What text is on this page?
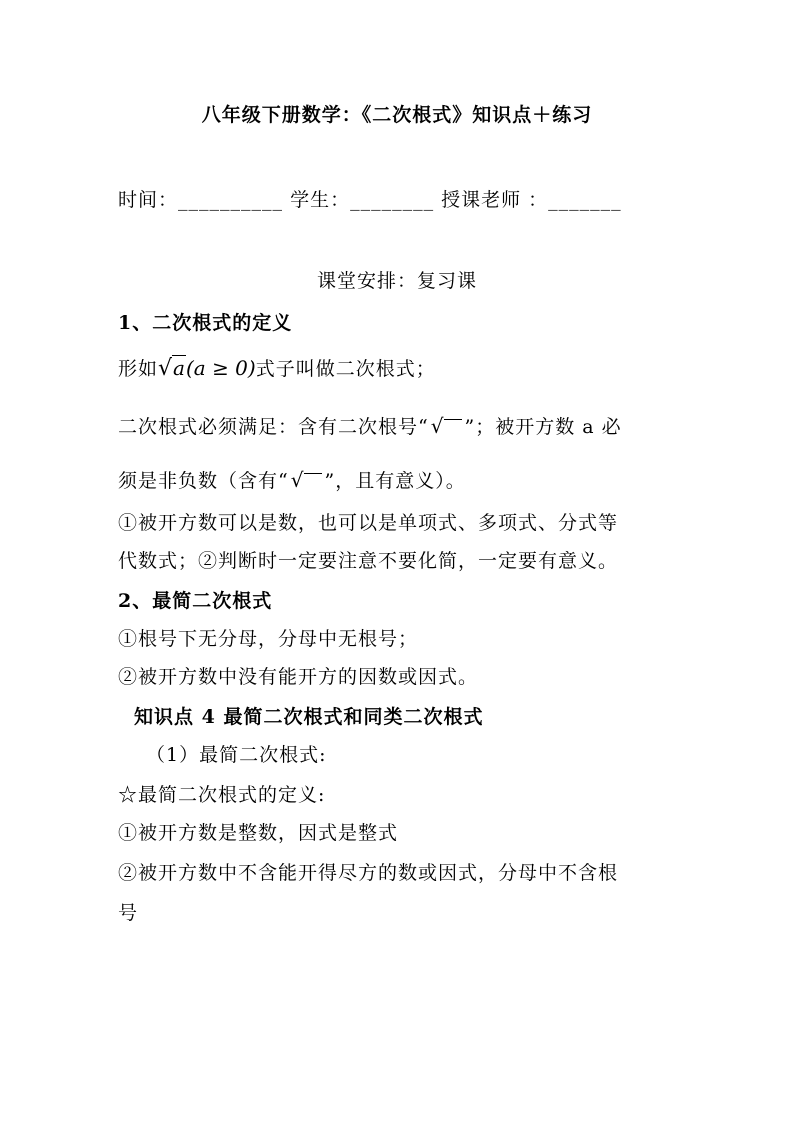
八年级下册数学：《二次根式》知识点＋练习
时间：__________ 学生：________ 授课老师 ：_______
课堂安排：复习课
1、二次根式的定义
形如√a(a ≥ 0)式子叫做二次根式；
二次根式必须满足：含有二次根号“ √ ”；被开方数 a 必
须是非负数（含有“ √ ”，且有意义）。
①被开方数可以是数，也可以是单项式、多项式、分式等
代数式；②判断时一定要注意不要化简，一定要有意义。
2、最简二次根式
①根号下无分母，分母中无根号；
②被开方数中没有能开方的因数或因式。
知识点 4 最简二次根式和同类二次根式
（1）最简二次根式:
☆最简二次根式的定义:
①被开方数是整数，因式是整式
②被开方数中不含能开得尽方的数或因式，分母中不含根
号
